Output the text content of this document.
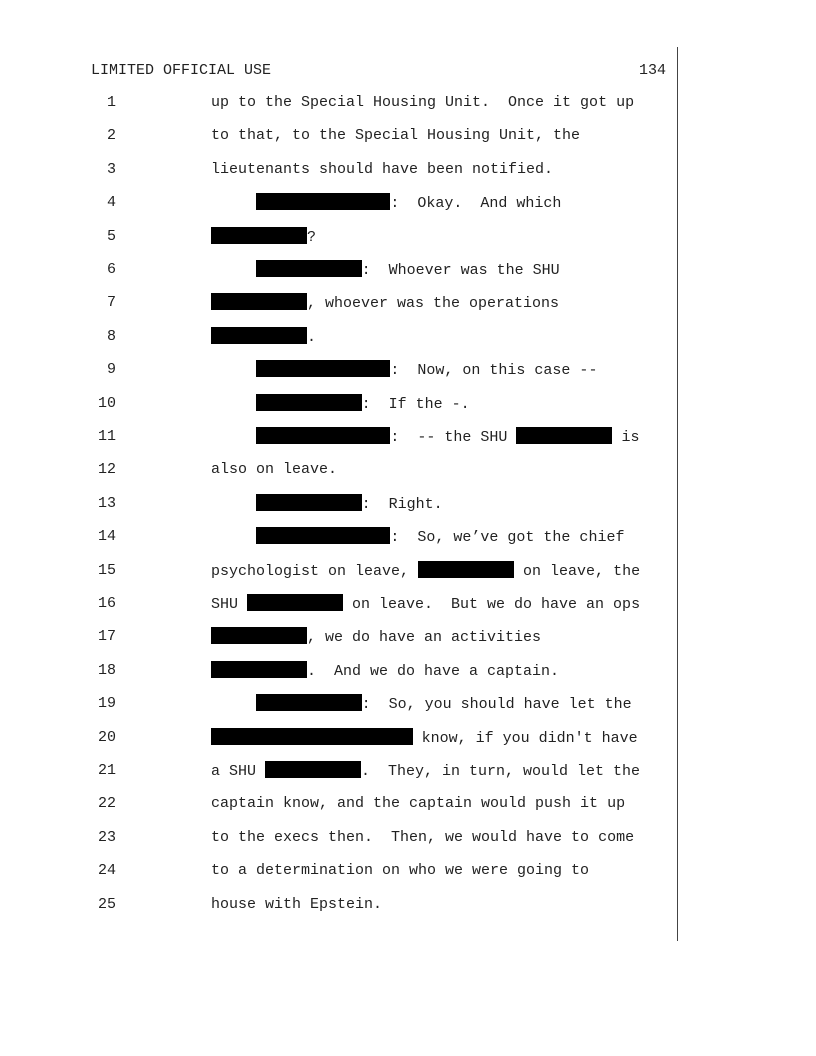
LIMITED OFFICIAL USE	134
1	up to the Special Housing Unit.  Once it got up
2	to that, to the Special Housing Unit, the
3	lieutenants should have been notified.
4	:  Okay.  And which
5	?
6	:  Whoever was the SHU
7	, whoever was the operations
8	.
9	:  Now, on this case --
10	:  If the -.
11	:  -- the SHU	is
12	also on leave.
13	:  Right.
14	:  So, we’ve got the chief
15	psychologist on leave,	on leave, the
16	SHU	on leave.  But we do have an ops
17	, we do have an activities
18	.  And we do have a captain.
19	:  So, you should have let the
20	know, if you didn't have
21	a SHU	.  They, in turn, would let the
22	captain know, and the captain would push it up
23	to the execs then.  Then, we would have to come
24	to a determination on who we were going to
25	house with Epstein.
